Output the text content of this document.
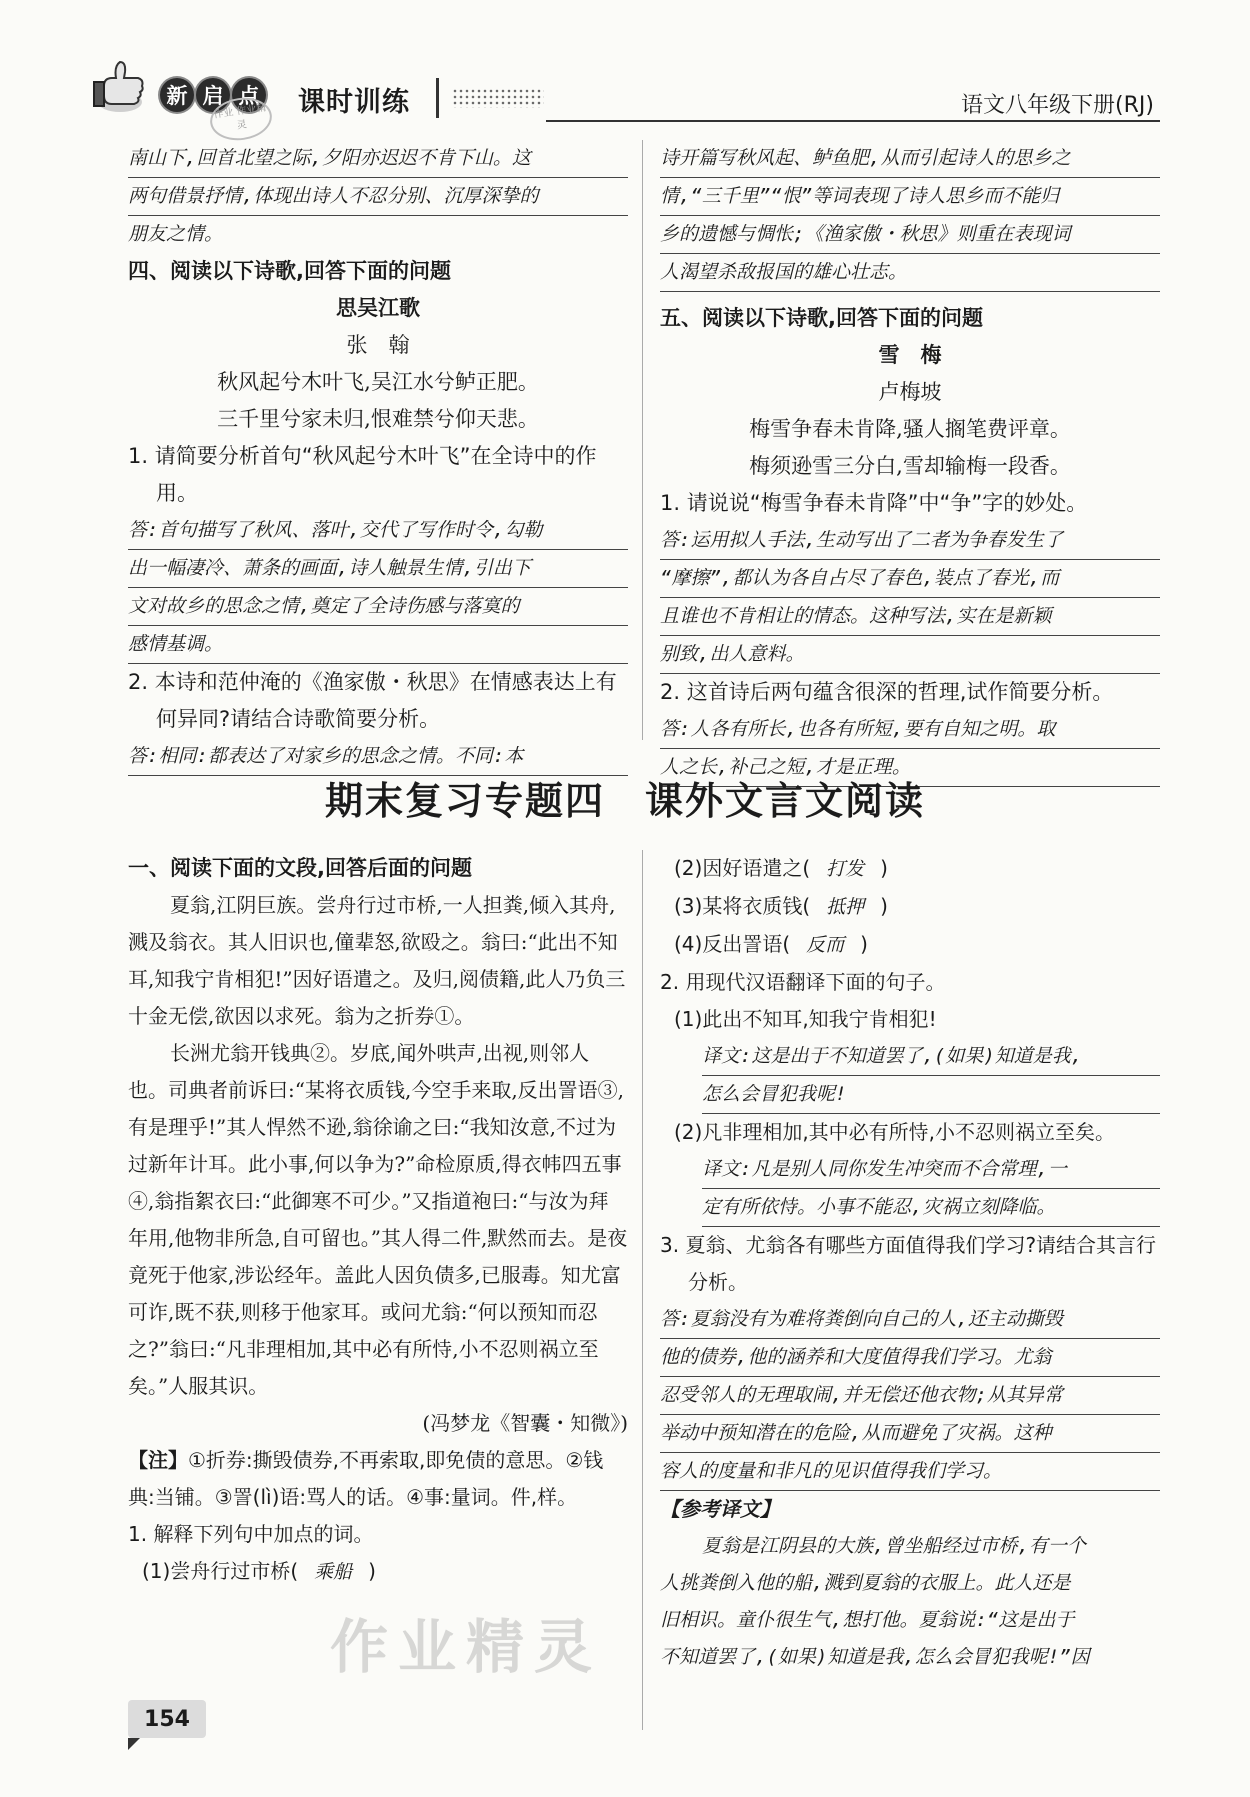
新 启 点 课时训练
作业 作业精灵
语文八年级下册(RJ)
南山下,回首北望之际,夕阳亦迟迟不肯下山。这
两句借景抒情,体现出诗人不忍分别、沉厚深挚的
朋友之情。

四、阅读以下诗歌,回答下面的问题

思吴江歌

张　翰

秋风起兮木叶飞,吴江水兮鲈正肥。

三千里兮家未归,恨难禁兮仰天悲。

1. 请简要分析首句“秋风起兮木叶飞”在全诗中的作用。

答:首句描写了秋风、落叶,交代了写作时令,勾勒
出一幅凄冷、萧条的画面,诗人触景生情,引出下
文对故乡的思念之情,奠定了全诗伤感与落寞的
感情基调。

2. 本诗和范仲淹的《渔家傲・秋思》在情感表达上有何异同?请结合诗歌简要分析。

答:相同:都表达了对家乡的思念之情。不同:本
诗开篇写秋风起、鲈鱼肥,从而引起诗人的思乡之
情,“三千里”“恨”等词表现了诗人思乡而不能归
乡的遗憾与惆怅;《渔家傲・秋思》则重在表现词
人渴望杀敌报国的雄心壮志。

五、阅读以下诗歌,回答下面的问题

雪　梅

卢梅坡

梅雪争春未肯降,骚人搁笔费评章。

梅须逊雪三分白,雪却输梅一段香。

1. 请说说“梅雪争春未肯降”中“争”字的妙处。

答:运用拟人手法,生动写出了二者为争春发生了
“摩擦”,都认为各自占尽了春色,装点了春光,而
且谁也不肯相让的情态。这种写法,实在是新颖
别致,出人意料。

2. 这首诗后两句蕴含很深的哲理,试作简要分析。

答:人各有所长,也各有所短,要有自知之明。取
人之长,补己之短,才是正理。
期末复习专题四　课外文言文阅读

一、阅读下面的文段,回答后面的问题

夏翁,江阴巨族。尝舟行过市桥,一人担粪,倾入其舟,溅及翁衣。其人旧识也,僮辈怒,欲殴之。翁曰:“此出不知耳,知我宁肯相犯!”因好语遣之。及归,阅债籍,此人乃负三十金无偿,欲因以求死。翁为之折券①。

长洲尤翁开钱典②。岁底,闻外哄声,出视,则邻人也。司典者前诉曰:“某将衣质钱,今空手来取,反出詈语③,有是理乎!”其人悍然不逊,翁徐谕之曰:“我知汝意,不过为过新年计耳。此小事,何以争为?”命检原质,得衣帏四五事④,翁指絮衣曰:“此御寒不可少。”又指道袍曰:“与汝为拜年用,他物非所急,自可留也。”其人得二件,默然而去。是夜竟死于他家,涉讼经年。盖此人因负债多,已服毒。知尤富可诈,既不获,则移于他家耳。或问尤翁:“何以预知而忍之?”翁曰:“凡非理相加,其中必有所恃,小不忍则祸立至矣。”人服其识。

(冯梦龙《智囊・知微》)

【注】①折券:撕毁债券,不再索取,即免债的意思。②钱典:当铺。③詈(lì)语:骂人的话。④事:量词。件,样。

1. 解释下列句中加点的词。

(1)尝舟行过市桥( 乘船 )

(2)因好语遣之( 打发 )

(3)某将衣质钱( 抵押 )

(4)反出詈语( 反而 )

2. 用现代汉语翻译下面的句子。

(1)此出不知耳,知我宁肯相犯!

译文:这是出于不知道罢了,(如果)知道是我,
怎么会冒犯我呢!

(2)凡非理相加,其中必有所恃,小不忍则祸立至矣。

译文:凡是别人同你发生冲突而不合常理,一
定有所依恃。小事不能忍,灾祸立刻降临。

3. 夏翁、尤翁各有哪些方面值得我们学习?请结合其言行分析。

答:夏翁没有为难将粪倒向自己的人,还主动撕毁
他的债券,他的涵养和大度值得我们学习。尤翁
忍受邻人的无理取闹,并无偿还他衣物;从其异常
举动中预知潜在的危险,从而避免了灾祸。这种
容人的度量和非凡的见识值得我们学习。

【参考译文】

夏翁是江阴县的大族,曾坐船经过市桥,有一个
人挑粪倒入他的船,溅到夏翁的衣服上。此人还是
旧相识。童仆很生气,想打他。夏翁说:“这是出于
不知道罢了,(如果)知道是我,怎么会冒犯我呢!”因
作业精灵
154
